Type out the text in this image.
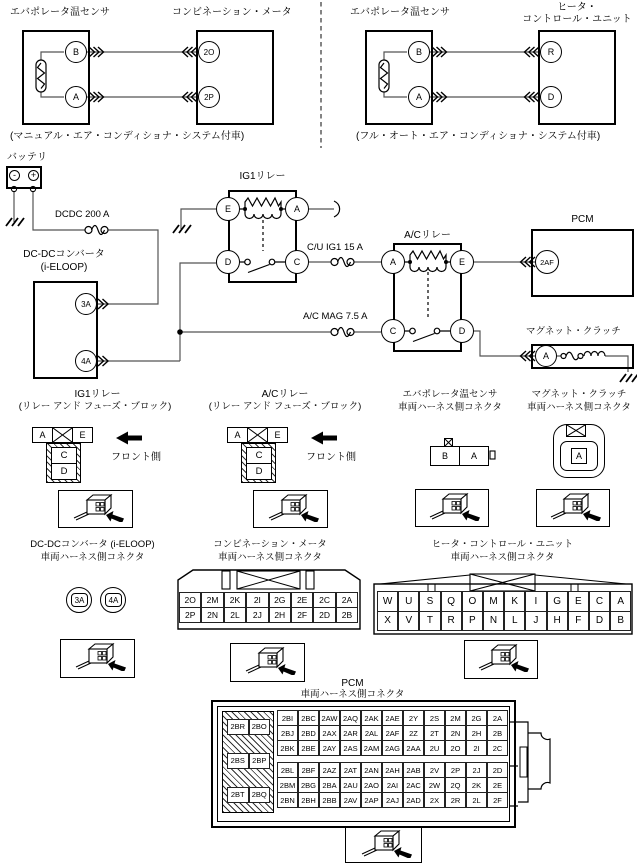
エバポレータ温センサ	コンビネーション・メータ
B
A
2O
2P
(マニュアル・エア・コンディショナ・システム付車)
エバポレータ温センサ	ヒータ・
コントロール・ユニット
B
A
R
D
(フル・オート・エア・コンディショナ・システム付車)
バッテリ
-	+
DCDC 200 A
DC-DCコンバータ
(i-ELOOP)
3A
4A
IG1リレー
E	A
D	C
C/U IG1 15 A
A/Cリレー
A	E
C	D
A/C MAG 7.5 A
PCM
2AF
マグネット・クラッチ
A
IG1リレー
(リレー アンド フューズ・ブロック)
A	E
C
D
フロント側
A/Cリレー
(リレー アンド フューズ・ブロック)
A	E
C
D
フロント側
エバポレータ温センサ
車両ハーネス側コネクタ
B	A
マグネット・クラッチ
車両ハーネス側コネクタ
A
DC-DCコンバータ (i-ELOOP)
車両ハーネス側コネクタ
3A	4A
コンビネーション・メータ
車両ハーネス側コネクタ
2O	2M	2K	2I	2G	2E	2C	2A
2P	2N	2L	2J	2H	2F	2D	2B
ヒータ・コントロール・ユニット
車両ハーネス側コネクタ
W	U	S	Q	O	M	K	I	G	E	C	A
X	V	T	R	P	N	L	J	H	F	D	B
PCM
車両ハーネス側コネクタ
2BR 2BO
2BS 2BP
2BT 2BQ
2BI	2BC 2AW 2AQ 2AK 2AE	2Y	2S	2M	2G	2A
2BJ 2BD 2AX 2AR 2AL 2AF	2Z	2T	2N	2H	2B
2BK 2BE 2AY 2AS 2AM 2AG 2AA	2U	2O	2I	2C
2BL 2BF 2AZ	2AT 2AN 2AH 2AB	2V	2P	2J	2D
2BM 2BG 2BA 2AU 2AO	2AI	2AC	2W	2Q	2K	2E
2BN 2BH 2BB 2AV 2AP 2AJ 2AD	2X	2R	2L	2F
